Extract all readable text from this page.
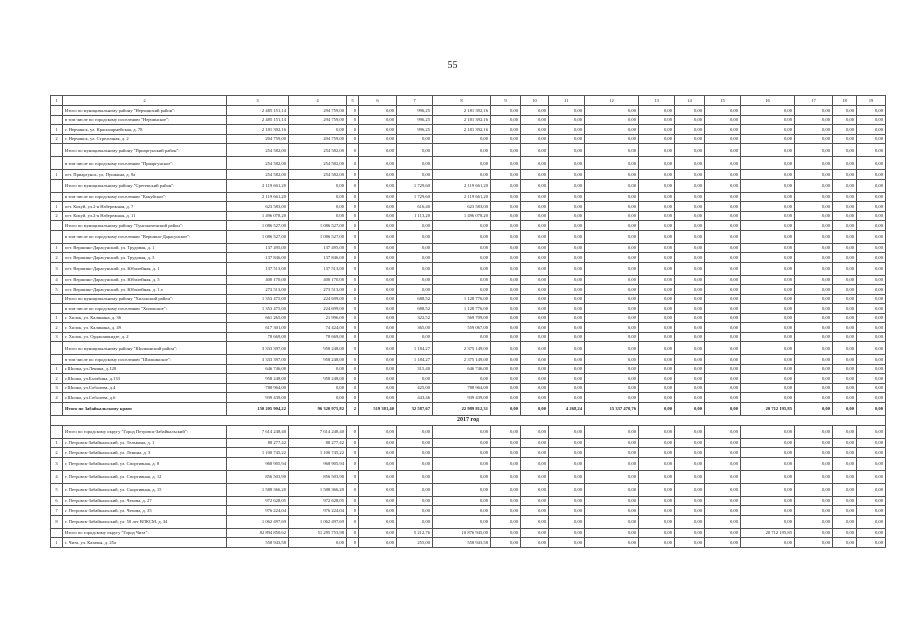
55
1	2	3	4	5	6	7	8	9	10	11	12	13	14	15	16	17	18	19
	Итого по муниципальному району "Нерчинский район":	2 485 151,14	294 759,00	0	0,00	996,25	2 181 392,16	0,00	0,00	0,00	0,00	0,00	0,00	0,00	0,00	0,00	0,00	0,00
	в том числе по городскому поселению "Нерчинское":	2 485 151,14	294 759,00	0	0,00	996,25	2 181 392,16	0,00	0,00	0,00	0,00	0,00	0,00	0,00	0,00	0,00	0,00	0,00
1	г. Нерчинск, ул. Красноармейская, д. 78	2 181 392,16	0,00	0	0,00	996,25	2 181 392,16	0,00	0,00	0,00	0,00	0,00	0,00	0,00	0,00	0,00	0,00	0,00
2	г. Нерчинск, ул. Стрелочная, д. 2	204 759,00	204 759,00	0	0,00	0,00	0,00	0,00	0,00	0,00	0,00	0,00	0,00	0,00	0,00	0,00	0,00	0,00
	Итого по муниципальному району "Приаргунский район":	254 582,00	254 582,00	0	0,00	0,00	0,00	0,00	0,00	0,00	0,00	0,00	0,00	0,00	0,00	0,00	0,00	0,00
	в том числе по городскому поселению "Приаргунское":	254 582,00	254 582,00	0	0,00	0,00	0,00	0,00	0,00	0,00	0,00	0,00	0,00	0,00	0,00	0,00	0,00	0,00
1	пгт. Приаргунск, ул. Пушкина, д. 9а	254 582,00	254 582,00	0	0,00	0,00	0,00	0,00	0,00	0,00	0,00	0,00	0,00	0,00	0,00	0,00	0,00	0,00
	Итого по муниципальному району "Сретенский район":	2 119 661,20	0,00	0	0,00	1 729,60	2 119 661,20	0,00	0,00	0,00	0,00	0,00	0,00	0,00	0,00	0,00	0,00	0,00
	в том числе по городскому поселению "Кокуйское":	2 119 661,20	0,00	0	0,00	1 729,60	2 119 661,20	0,00	0,00	0,00	0,00	0,00	0,00	0,00	0,00	0,00	0,00	0,00
1	пгт. Кокуй, ул.2-я Набережная, д. 7	623 583,00	0,00	0	0,00	616,40	623 583,00	0,00	0,00	0,00	0,00	0,00	0,00	0,00	0,00	0,00	0,00	0,00
2	пгт. Кокуй, ул.2-я Набережная, д. 11	1 496 078,20	0,00	0	0,00	1 113,20	1 496 078,20	0,00	0,00	0,00	0,00	0,00	0,00	0,00	0,00	0,00	0,00	0,00
	Итого по муниципальному району "Тунгокоченский район":	1 086 527,00	1 086 527,00	0	0,00	0,00	0,00	0,00	0,00	0,00	0,00	0,00	0,00	0,00	0,00	0,00	0,00	0,00
	в том числе по городскому поселению "Вершино-Дарасунское":	1 086 527,00	1 086 527,00	0	0,00	0,00	0,00	0,00	0,00	0,00	0,00	0,00	0,00	0,00	0,00	0,00	0,00	0,00
1	пгт. Вершино-Дарасунский, ул. Трудовая, д. 1	137 495,00	137 495,00	0	0,00	0,00	0,00	0,00	0,00	0,00	0,00	0,00	0,00	0,00	0,00	0,00	0,00	0,00
2	пгт. Вершино-Дарасунский, ул. Трудовая, д. 3	137 846,00	137 846,00	0	0,00	0,00	0,00	0,00	0,00	0,00	0,00	0,00	0,00	0,00	0,00	0,00	0,00	0,00
3	пгт. Вершино-Дарасунский, ул. Юбилейная, д. 1	137 513,00	137 513,00	0	0,00	0,00	0,00	0,00	0,00	0,00	0,00	0,00	0,00	0,00	0,00	0,00	0,00	0,00
4	пгт. Вершино-Дарасунский, ул. Юбилейная, д. 5	400 170,00	400 170,00	0	0,00	0,00	0,00	0,00	0,00	0,00	0,00	0,00	0,00	0,00	0,00	0,00	0,00	0,00
5	пгт. Вершино-Дарасунский, ул. Юбилейная, д. 1 а	273 513,00	273 513,00	0	0,00	0,00	0,00	0,00	0,00	0,00	0,00	0,00	0,00	0,00	0,00	0,00	0,00	0,00
	Итого по муниципальному району "Хилокский район":	1 353 475,00	224 699,00	0	0,00	688,52	1 128 776,00	0,00	0,00	0,00	0,00	0,00	0,00	0,00	0,00	0,00	0,00	0,00
	в том числе по городскому поселению "Хилокское":	1 353 475,00	224 699,00	0	0,00	688,52	1 128 776,00	0,00	0,00	0,00	0,00	0,00	0,00	0,00	0,00	0,00	0,00	0,00
1	г. Хилок, ул. Калинина, д. 36	661 265,00	21 996,00	0	0,00	322,52	569 709,00	0,00	0,00	0,00	0,00	0,00	0,00	0,00	0,00	0,00	0,00	0,00
2	г. Хилок, ул. Калинина, д. 49	617 301,00	74 424,00	0	0,00	365,00	559 067,00	0,00	0,00	0,00	0,00	0,00	0,00	0,00	0,00	0,00	0,00	0,00
3	г. Хилок, ул. Орджоникидзе, д. 2	78 669,00	78 669,00	0	0,00	0,00	0,00	0,00	0,00	0,00	0,00	0,00	0,00	0,00	0,00	0,00	0,00	0,00
	Итого по муниципальному району "Шилкинский район":	3 333 397,00	958 248,00	0	0,00	1 184,27	2 375 149,00	0,00	0,00	0,00	0,00	0,00	0,00	0,00	0,00	0,00	0,00	0,00
	в том числе по городскому поселению "Шилкинское":	3 333 397,00	958 248,00	0	0,00	1 184,27	2 375 149,00	0,00	0,00	0,00	0,00	0,00	0,00	0,00	0,00	0,00	0,00	0,00
1	г.Шилка, ул.Ленина, д.128	646 746,00	0,00	0	0,00	315,40	646 746,00	0,00	0,00	0,00	0,00	0,00	0,00	0,00	0,00	0,00	0,00	0,00
2	г.Шилка, ул.Балабина, д.133	958 248,00	958 248,00	0	0,00	0,00	0,00	0,00	0,00	0,00	0,00	0,00	0,00	0,00	0,00	0,00	0,00	0,00
3	г.Шилка, ул.Соболева, д.4	788 964,00	0,00	0	0,00	425,00	788 964,00	0,00	0,00	0,00	0,00	0,00	0,00	0,00	0,00	0,00	0,00	0,00
4	г.Шилка, ул.Соболева, д.6	939 439,00	0,00	0	0,00	443,46	939 439,00	0,00	0,00	0,00	0,00	0,00	0,00	0,00	0,00	0,00	0,00	0,00
	Итого по Забайкальскому краю:	150 205 904,22	96 320 975,82	2	519 381,40	32 587,67	22 989 812,31	0,00	0,00	4 268,24	15 337 470,76	0,00	0,00	0,00	20 712 195,85	0,00	0,00	0,00
2017 год																		
	Итого по городскому округу "Город Петровск-Забайкальский":	7 614 248,40	7 614 248,40	0	0,00	0,00	0,00	0,00	0,00	0,00	0,00	0,00	0,00	0,00	0,00	0,00	0,00	0,00
1	г. Петровск-Забайкальский, ул. Тельмана, д. 1	88 277,42	88 277,42	0	0,00	0,00	0,00	0,00	0,00	0,00	0,00	0,00	0,00	0,00	0,00	0,00	0,00	0,00
2	г. Петровск-Забайкальский, ул. Ленина, д. 3	1 100 745,22	1 100 745,22	0	0,00	0,00	0,00	0,00	0,00	0,00	0,00	0,00	0,00	0,00	0,00	0,00	0,00	0,00
3	г. Петровск-Забайкальский, ул. Спортивная, д. 8	968 905,94	968 905,94	0	0,00	0,00	0,00	0,00	0,00	0,00	0,00	0,00	0,00	0,00	0,00	0,00	0,00	0,00
4	г. Петровск-Забайкальский, ул. Спортивная, д. 12	856 503,90	856 503,90	0	0,00	0,00	0,00	0,00	0,00	0,00	0,00	0,00	0,00	0,00	0,00	0,00	0,00	0,00
5	г. Петровск-Забайкальский, ул. Спортивная, д. 15	1 588 366,20	1 588 366,20	0	0,00	0,00	0,00	0,00	0,00	0,00	0,00	0,00	0,00	0,00	0,00	0,00	0,00	0,00
6	г. Петровск-Забайкальский, ул. Чехова, д. 27	972 628,05	972 628,05	0	0,00	0,00	0,00	0,00	0,00	0,00	0,00	0,00	0,00	0,00	0,00	0,00	0,00	0,00
7	г. Петровск-Забайкальский, ул. Чехова, д. 35	976 224,04	976 224,04	0	0,00	0,00	0,00	0,00	0,00	0,00	0,00	0,00	0,00	0,00	0,00	0,00	0,00	0,00
8	г. Петровск-Забайкальский, ул. 50 лет ВЛКСМ, д. 34	1 062 497,69	1 062 497,69	0	0,00	0,00	0,00	0,00	0,00	0,00	0,00	0,00	0,00	0,00	0,00	0,00	0,00	0,00
	Итого по городскому округу "Город Чита":	82 894 850,62	51 295 753,98	0	0,00	5 212,76	10 876 945,00	0,00	0,00	0,00	0,00	0,00	0,00	0,00	20 712 195,85	0,00	0,00	0,00
1	г. Чита, ул. Казачья, д. 25а	558 943,58	0,00	0	0,00	255,00	558 943,58	0,00	0,00	0,00	0,00	0,00	0,00	0,00	0,00	0,00	0,00	0,00
